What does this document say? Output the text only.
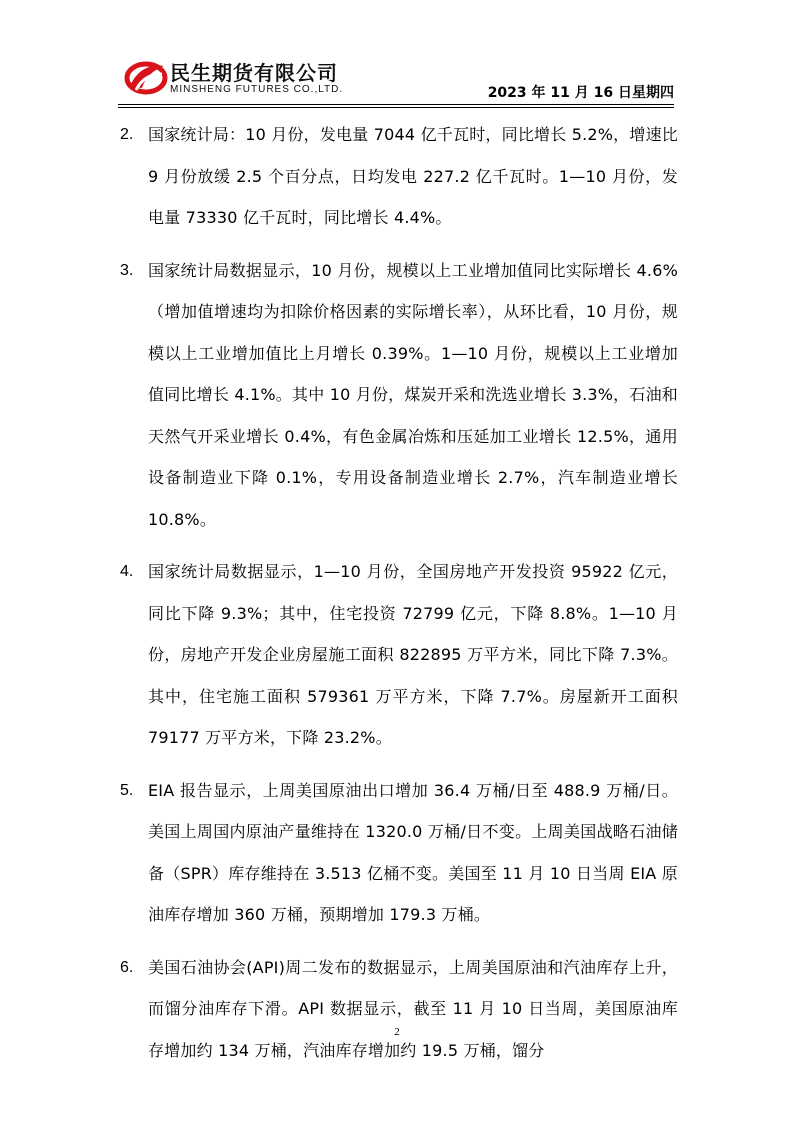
民生期货有限公司
MINSHENG FUTURES CO.,LTD.	2023 年 11 月 16 日星期四
2. 国家统计局：10 月份，发电量 7044 亿千瓦时，同比增长 5.2%，增速比 9 月份放缓 2.5 个百分点，日均发电 227.2 亿千瓦时。1—10 月份，发电量 73330 亿千瓦时，同比增长 4.4%。
3. 国家统计局数据显示，10 月份，规模以上工业增加值同比实际增长 4.6%（增加值增速均为扣除价格因素的实际增长率），从环比看，10 月份，规模以上工业增加值比上月增长 0.39%。1—10 月份，规模以上工业增加值同比增长 4.1%。其中 10 月份，煤炭开采和洗选业增长 3.3%，石油和天然气开采业增长 0.4%，有色金属冶炼和压延加工业增长 12.5%，通用设备制造业下降 0.1%，专用设备制造业增长 2.7%，汽车制造业增长 10.8%。
4. 国家统计局数据显示，1—10 月份，全国房地产开发投资 95922 亿元，同比下降 9.3%；其中，住宅投资 72799 亿元，下降 8.8%。1—10 月份，房地产开发企业房屋施工面积 822895 万平方米，同比下降 7.3%。其中，住宅施工面积 579361 万平方米，下降 7.7%。房屋新开工面积 79177 万平方米，下降 23.2%。
5. EIA 报告显示，上周美国原油出口增加 36.4 万桶/日至 488.9 万桶/日。美国上周国内原油产量维持在 1320.0 万桶/日不变。上周美国战略石油储备（SPR）库存维持在 3.513 亿桶不变。美国至 11 月 10 日当周 EIA 原油库存增加 360 万桶，预期增加 179.3 万桶。
6. 美国石油协会(API)周二发布的数据显示，上周美国原油和汽油库存上升，而馏分油库存下滑。API 数据显示，截至 11 月 10 日当周，美国原油库存增加约 134 万桶，汽油库存增加约 19.5 万桶，馏分
2
